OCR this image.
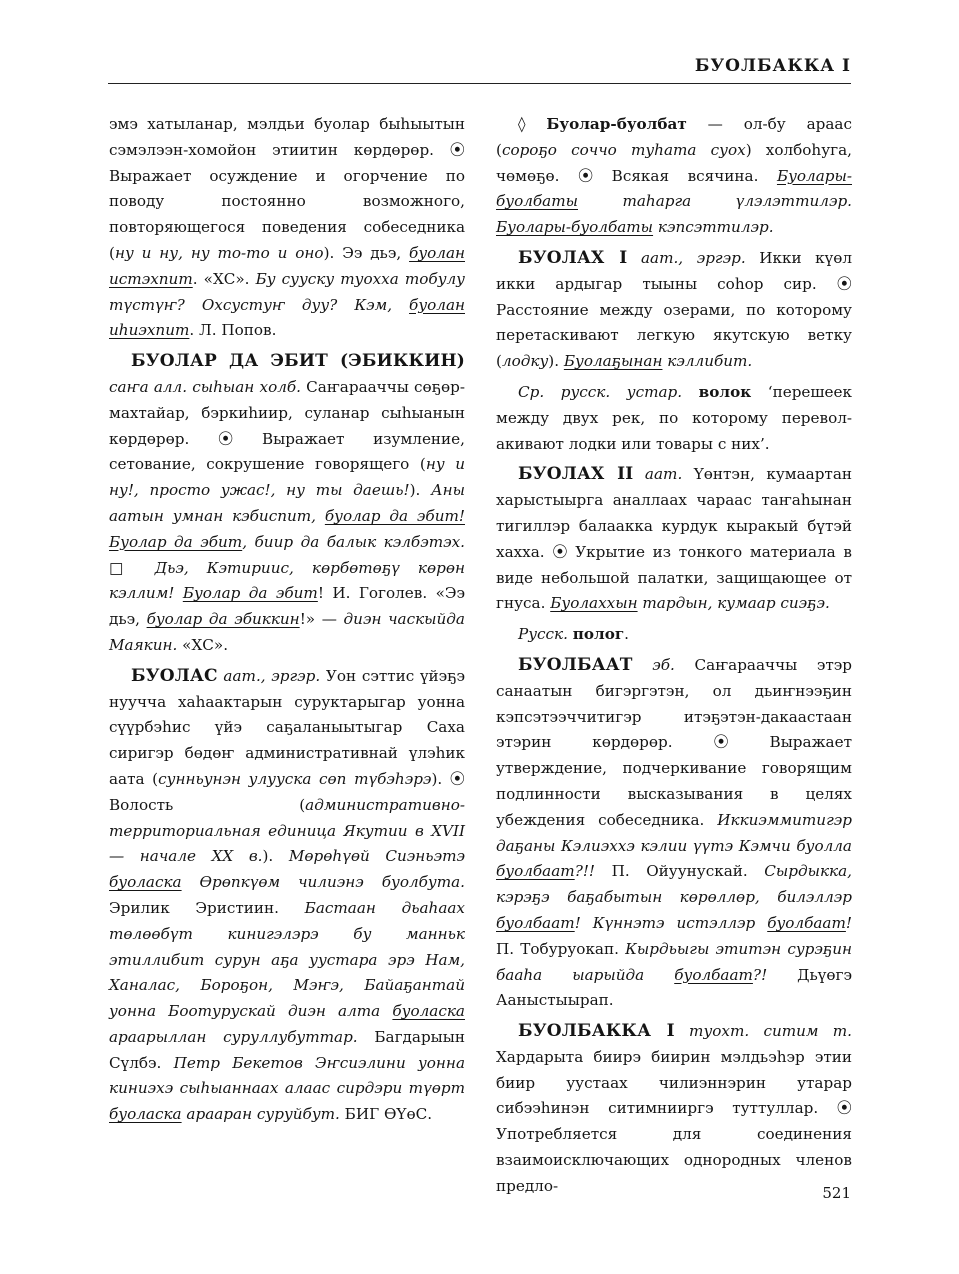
БУОЛБАККА I

эмэ хатыланар, мэлдьи буолар быһыытын сэмэлээн-хомойон этиитин көрдөрөр. ⦿ Выражает осуждение и огорчение по поводу постоянно возможного, повторяющегося поведения собеседника (ну и ну, ну то-то и оно). Ээ дьэ, буолан истэхпит. «ХС». Бу сууску туохха тобулу түстүҥ? Охсустуҥ дуу? Кэм, буолан иһиэхпит. Л. Попов.

БУОЛАР ДА ЭБИТ (ЭБИККИН) саҥа алл. сыһыан холб. Саҥарааччы сөҕөр-махтайар, бэркиһиир, суланар сыһыанын көрдөрөр. ⦿ Выражает изумление, сетование, сокрушение говорящего (ну и ну!, просто ужас!, ну ты даешь!). Аны аатын умнан кэбиспит, буолар да эбит! Буолар да эбит, биир да балык кэлбэтэх. □ Дьэ, Кэтириис, көрбөтөҕү көрөн кэллим! Буолар да эбит! И. Гоголев. «Ээ дьэ, буолар да эбиккин!» — диэн часкыйда Маякин. «ХС».

БУОЛАС аат., эргэр. Уон сэттис үйэҕэ нууччa хаһаактарын суруктарыгар уонна сүүрбэһис үйэ саҕаланыытыгар Саха сиригэр бөдөҥ административнай үлэһик аата (сунньунэн улууска сөп түбэһэрэ). ⦿ Волость (административно-территориальная единица Якутии в XVII — начале XX в.). Мөрөһүөй Сиэньэтэ буоласка Өрөпкүөм чилиэнэ буолбута. Эрилик Эристиин. Бастаан дьаһаах төлөөбүт кинигэлэрэ бу манньк этиллибит сурун аҕа уустара эрэ Нам, Ханалас, Бороҕон, Мэҥэ, Байаҕантай уонна Боотурускай диэн алта буоласка араарыллан суруллубуттар. Багдарыын Сүлбэ. Петр Бекетов Эҥсиэлини уонна киниэхэ сыһыаннаах алаас сирдэри түөрт буоласка арааран суруйбут. БИГ ӨҮөС.

◊ Буолар-буолбат — ол-бу араас (сороҕо соччо туһата суох) холбоһуга, чөмөҕө. ⦿ Всякая всячина. Буолары-буолбаты таһарга үлэлэттилэр. Буолары-буолбаты кэпсэттилэр.

БУОЛАХ I аат., эргэр. Икки күөл икки ардыгар тыыны соһор сир. ⦿ Расстояние между озерами, по которому перетаскивают легкую якутскую ветку (лодку). Буолаҕынан кэллибит.

Ср. русск. устар. волок ‘перешеек между двух рек, по которому переволакивают лодки или товары с них’.

БУОЛАХ II аат. Үөнтэн, кумаартан харыстыырга аналлаах чараас таҥаһынан тигиллэр балаакка курдук кыракый бүтэй хахха. ⦿ Укрытие из тонкого материала в виде небольшой палатки, защищающее от гнуса. Буолаххын тардын, кумаар сиэҕэ.

Русск. полог.

БУОЛБААТ эб. Саҥарааччы этэр санаатын бигэргэтэн, ол дьиҥнээҕин кэпсэтээччитигэр итэҕэтэн-дакаастаан этэрин көрдөрөр. ⦿ Выражает утверждение, подчеркивание говорящим подлинности высказывания в целях убеждения собеседника. Иккиэммитигэр даҕаны Кэлиэххэ кэлии үүтэ Кэмчи буолла буолбаат?!! П. Ойуунускай. Сырдыкка, кэрэҕэ баҕабытын көрөллөр, билэллэр буолбаат! Күннэтэ истэллэр буолбаат! П. Тобуруокап. Кырдьыгы этитэн сурэҕин бааһа ыарыйда буолбаат?! Дьүөгэ Ааныстыырап.

БУОЛБАККА I туохт. ситим т. Хардарыта биирэ биирин мэлдьэһэр этии биир уустаах чилиэннэрин утарар сибээһинэн ситимнииргэ туттуллар. ⦿ Употребляется для соединения взаимоисключающих однородных членов предло-	521
